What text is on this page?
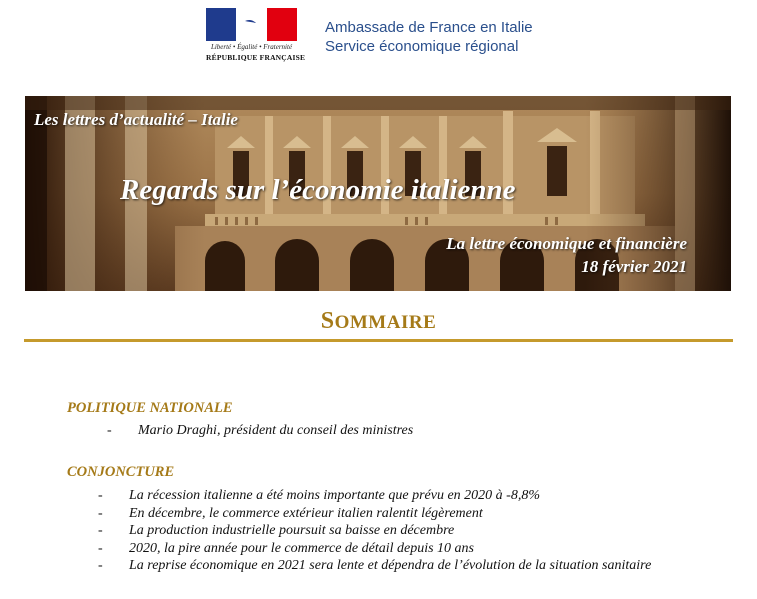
Liberté • Égalité • Fraternité
RÉPUBLIQUE FRANÇAISE
Ambassade de France en Italie
Service économique régional
Les lettres d’actualité – Italie
Regards sur l’économie italienne
La lettre économique et financière
18 février 2021
SOMMAIRE
POLITIQUE NATIONALE
- Mario Draghi, président du conseil des ministres
CONJONCTURE
- La récession italienne a été moins importante que prévu en 2020 à -8,8%
- En décembre, le commerce extérieur italien ralentit légèrement
- La production industrielle poursuit sa baisse en décembre
- 2020, la pire année pour le commerce de détail depuis 10 ans
- La reprise économique en 2021 sera lente et dépendra de l’évolution de la situation sanitaire
